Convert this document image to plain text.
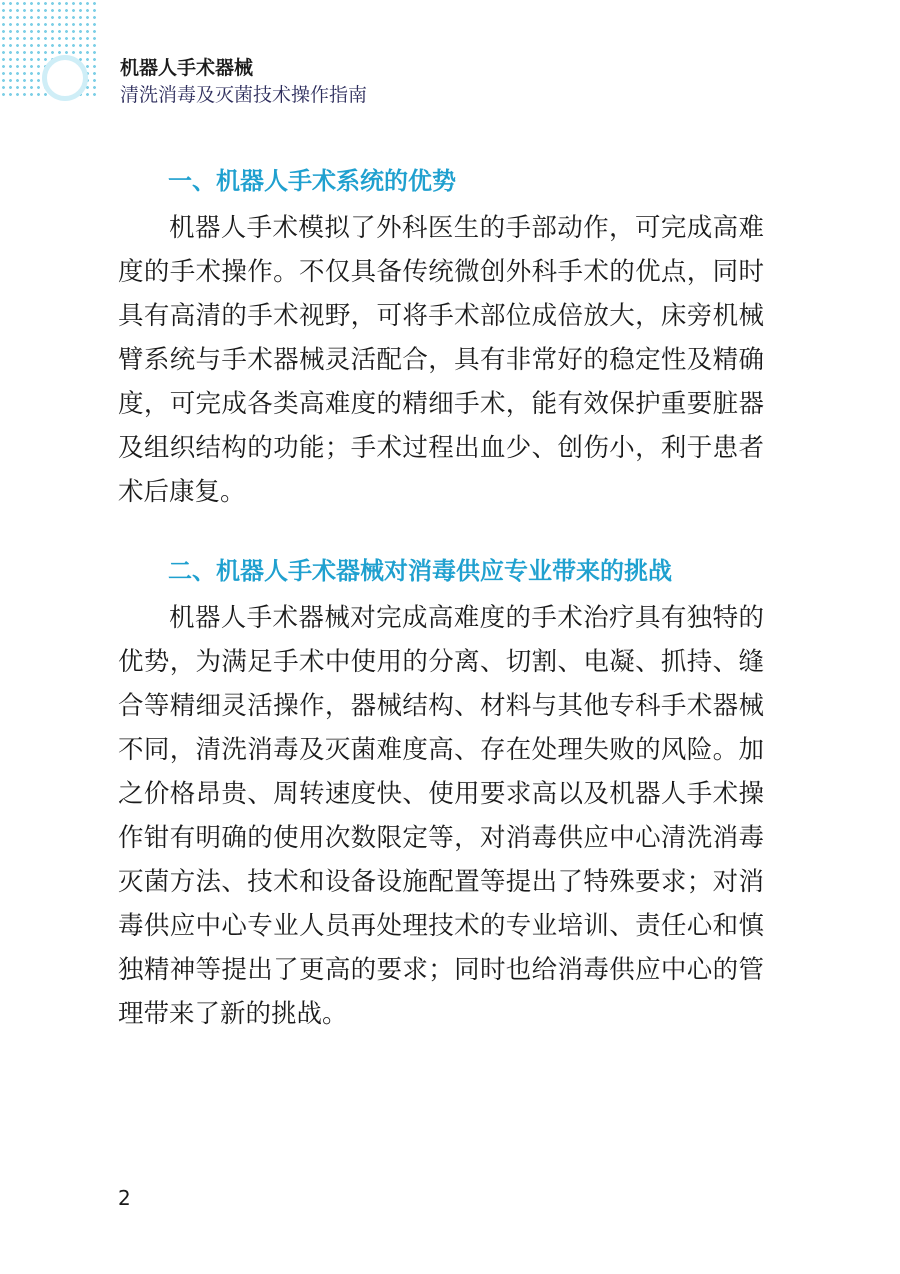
机器人手术器械
清洗消毒及灭菌技术操作指南
一、机器人手术系统的优势

机器人手术模拟了外科医生的手部动作，可完成高难度的手术操作。不仅具备传统微创外科手术的优点，同时具有高清的手术视野，可将手术部位成倍放大，床旁机械臂系统与手术器械灵活配合，具有非常好的稳定性及精确度，可完成各类高难度的精细手术，能有效保护重要脏器及组织结构的功能；手术过程出血少、创伤小，利于患者术后康复。

二、机器人手术器械对消毒供应专业带来的挑战

机器人手术器械对完成高难度的手术治疗具有独特的优势，为满足手术中使用的分离、切割、电凝、抓持、缝合等精细灵活操作，器械结构、材料与其他专科手术器械不同，清洗消毒及灭菌难度高、存在处理失败的风险。加之价格昂贵、周转速度快、使用要求高以及机器人手术操作钳有明确的使用次数限定等，对消毒供应中心清洗消毒灭菌方法、技术和设备设施配置等提出了特殊要求；对消毒供应中心专业人员再处理技术的专业培训、责任心和慎独精神等提出了更高的要求；同时也给消毒供应中心的管理带来了新的挑战。

2
